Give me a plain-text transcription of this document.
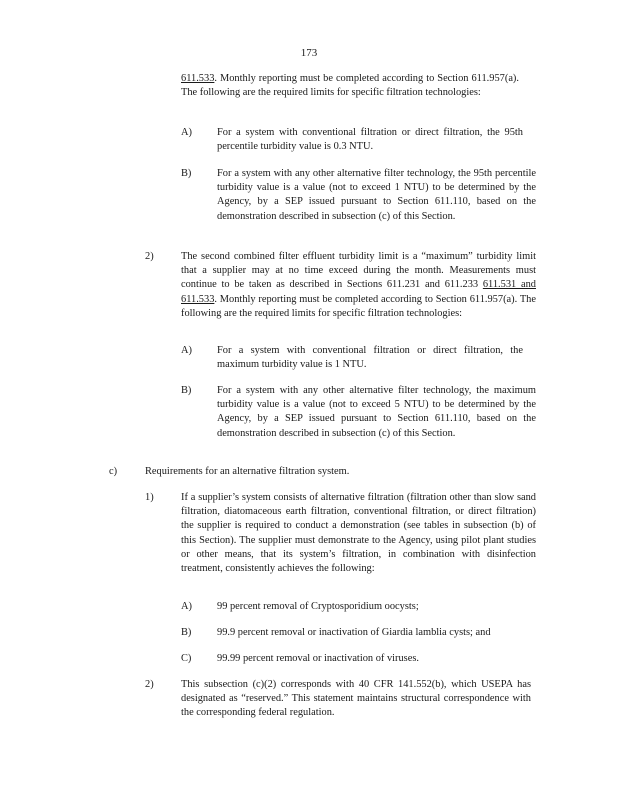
173

611.533. Monthly reporting must be completed according to Section 611.957(a). The following are the required limits for specific filtration technologies:

A) For a system with conventional filtration or direct filtration, the 95th percentile turbidity value is 0.3 NTU.

B) For a system with any other alternative filter technology, the 95th percentile turbidity value is a value (not to exceed 1 NTU) to be determined by the Agency, by a SEP issued pursuant to Section 611.110, based on the demonstration described in subsection (c) of this Section.

2)	The second combined filter effluent turbidity limit is a “maximum” turbidity limit that a supplier may at no time exceed during the month. Measurements must continue to be taken as described in Sections 611.231 and 611.233 611.531 and 611.533. Monthly reporting must be completed according to Section 611.957(a). The following are the required limits for specific filtration technologies:

A) For a system with conventional filtration or direct filtration, the maximum turbidity value is 1 NTU.

B) For a system with any other alternative filter technology, the maximum turbidity value is a value (not to exceed 5 NTU) to be determined by the Agency, by a SEP issued pursuant to Section 611.110, based on the demonstration described in subsection (c) of this Section.

c)	Requirements for an alternative filtration system.

1)	If a supplier’s system consists of alternative filtration (filtration other than slow sand filtration, diatomaceous earth filtration, conventional filtration, or direct filtration) the supplier is required to conduct a demonstration (see tables in subsection (b) of this Section). The supplier must demonstrate to the Agency, using pilot plant studies or other means, that its system’s filtration, in combination with disinfection treatment, consistently achieves the following:

A) 99 percent removal of Cryptosporidium oocysts;

B) 99.9 percent removal or inactivation of Giardia lamblia cysts; and

C) 99.99 percent removal or inactivation of viruses.

2)	This subsection (c)(2) corresponds with 40 CFR 141.552(b), which USEPA has designated as “reserved.” This statement maintains structural correspondence with the corresponding federal regulation.
